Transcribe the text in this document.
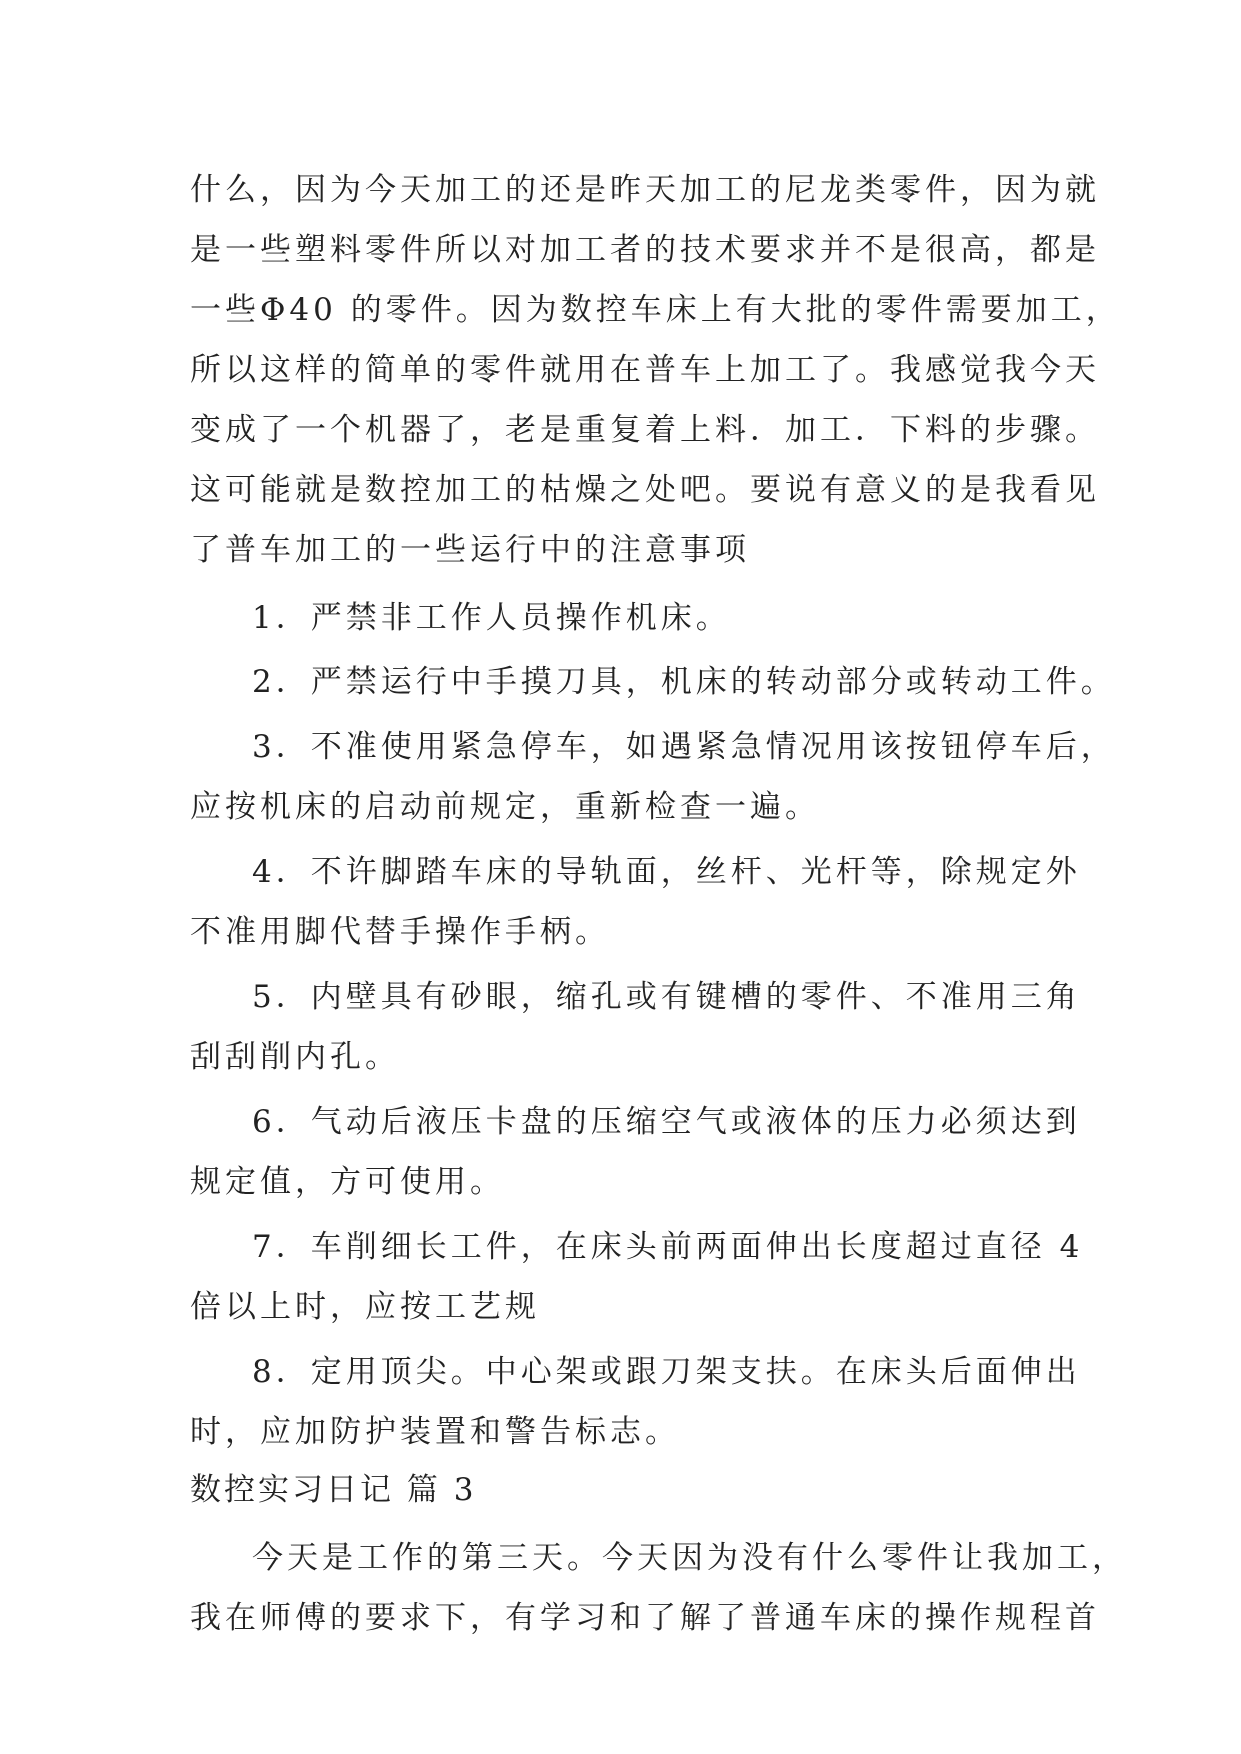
什么，因为今天加工的还是昨天加工的尼龙类零件，因为就
是一些塑料零件所以对加工者的技术要求并不是很高，都是
一些Φ40 的零件。因为数控车床上有大批的零件需要加工，
所以这样的简单的零件就用在普车上加工了。我感觉我今天
变成了一个机器了，老是重复着上料．加工．下料的步骤。
这可能就是数控加工的枯燥之处吧。要说有意义的是我看见
了普车加工的一些运行中的注意事项
1．严禁非工作人员操作机床。
2．严禁运行中手摸刀具，机床的转动部分或转动工件。
3．不准使用紧急停车，如遇紧急情况用该按钮停车后，
应按机床的启动前规定，重新检查一遍。
4．不许脚踏车床的导轨面，丝杆、光杆等，除规定外
不准用脚代替手操作手柄。
5．内壁具有砂眼，缩孔或有键槽的零件、不准用三角
刮刮削内孔。
6．气动后液压卡盘的压缩空气或液体的压力必须达到
规定值，方可使用。
7．车削细长工件，在床头前两面伸出长度超过直径 4
倍以上时，应按工艺规
8．定用顶尖。中心架或跟刀架支扶。在床头后面伸出
时，应加防护装置和警告标志。
数控实习日记 篇 3
今天是工作的第三天。今天因为没有什么零件让我加工，
我在师傅的要求下，有学习和了解了普通车床的操作规程首
